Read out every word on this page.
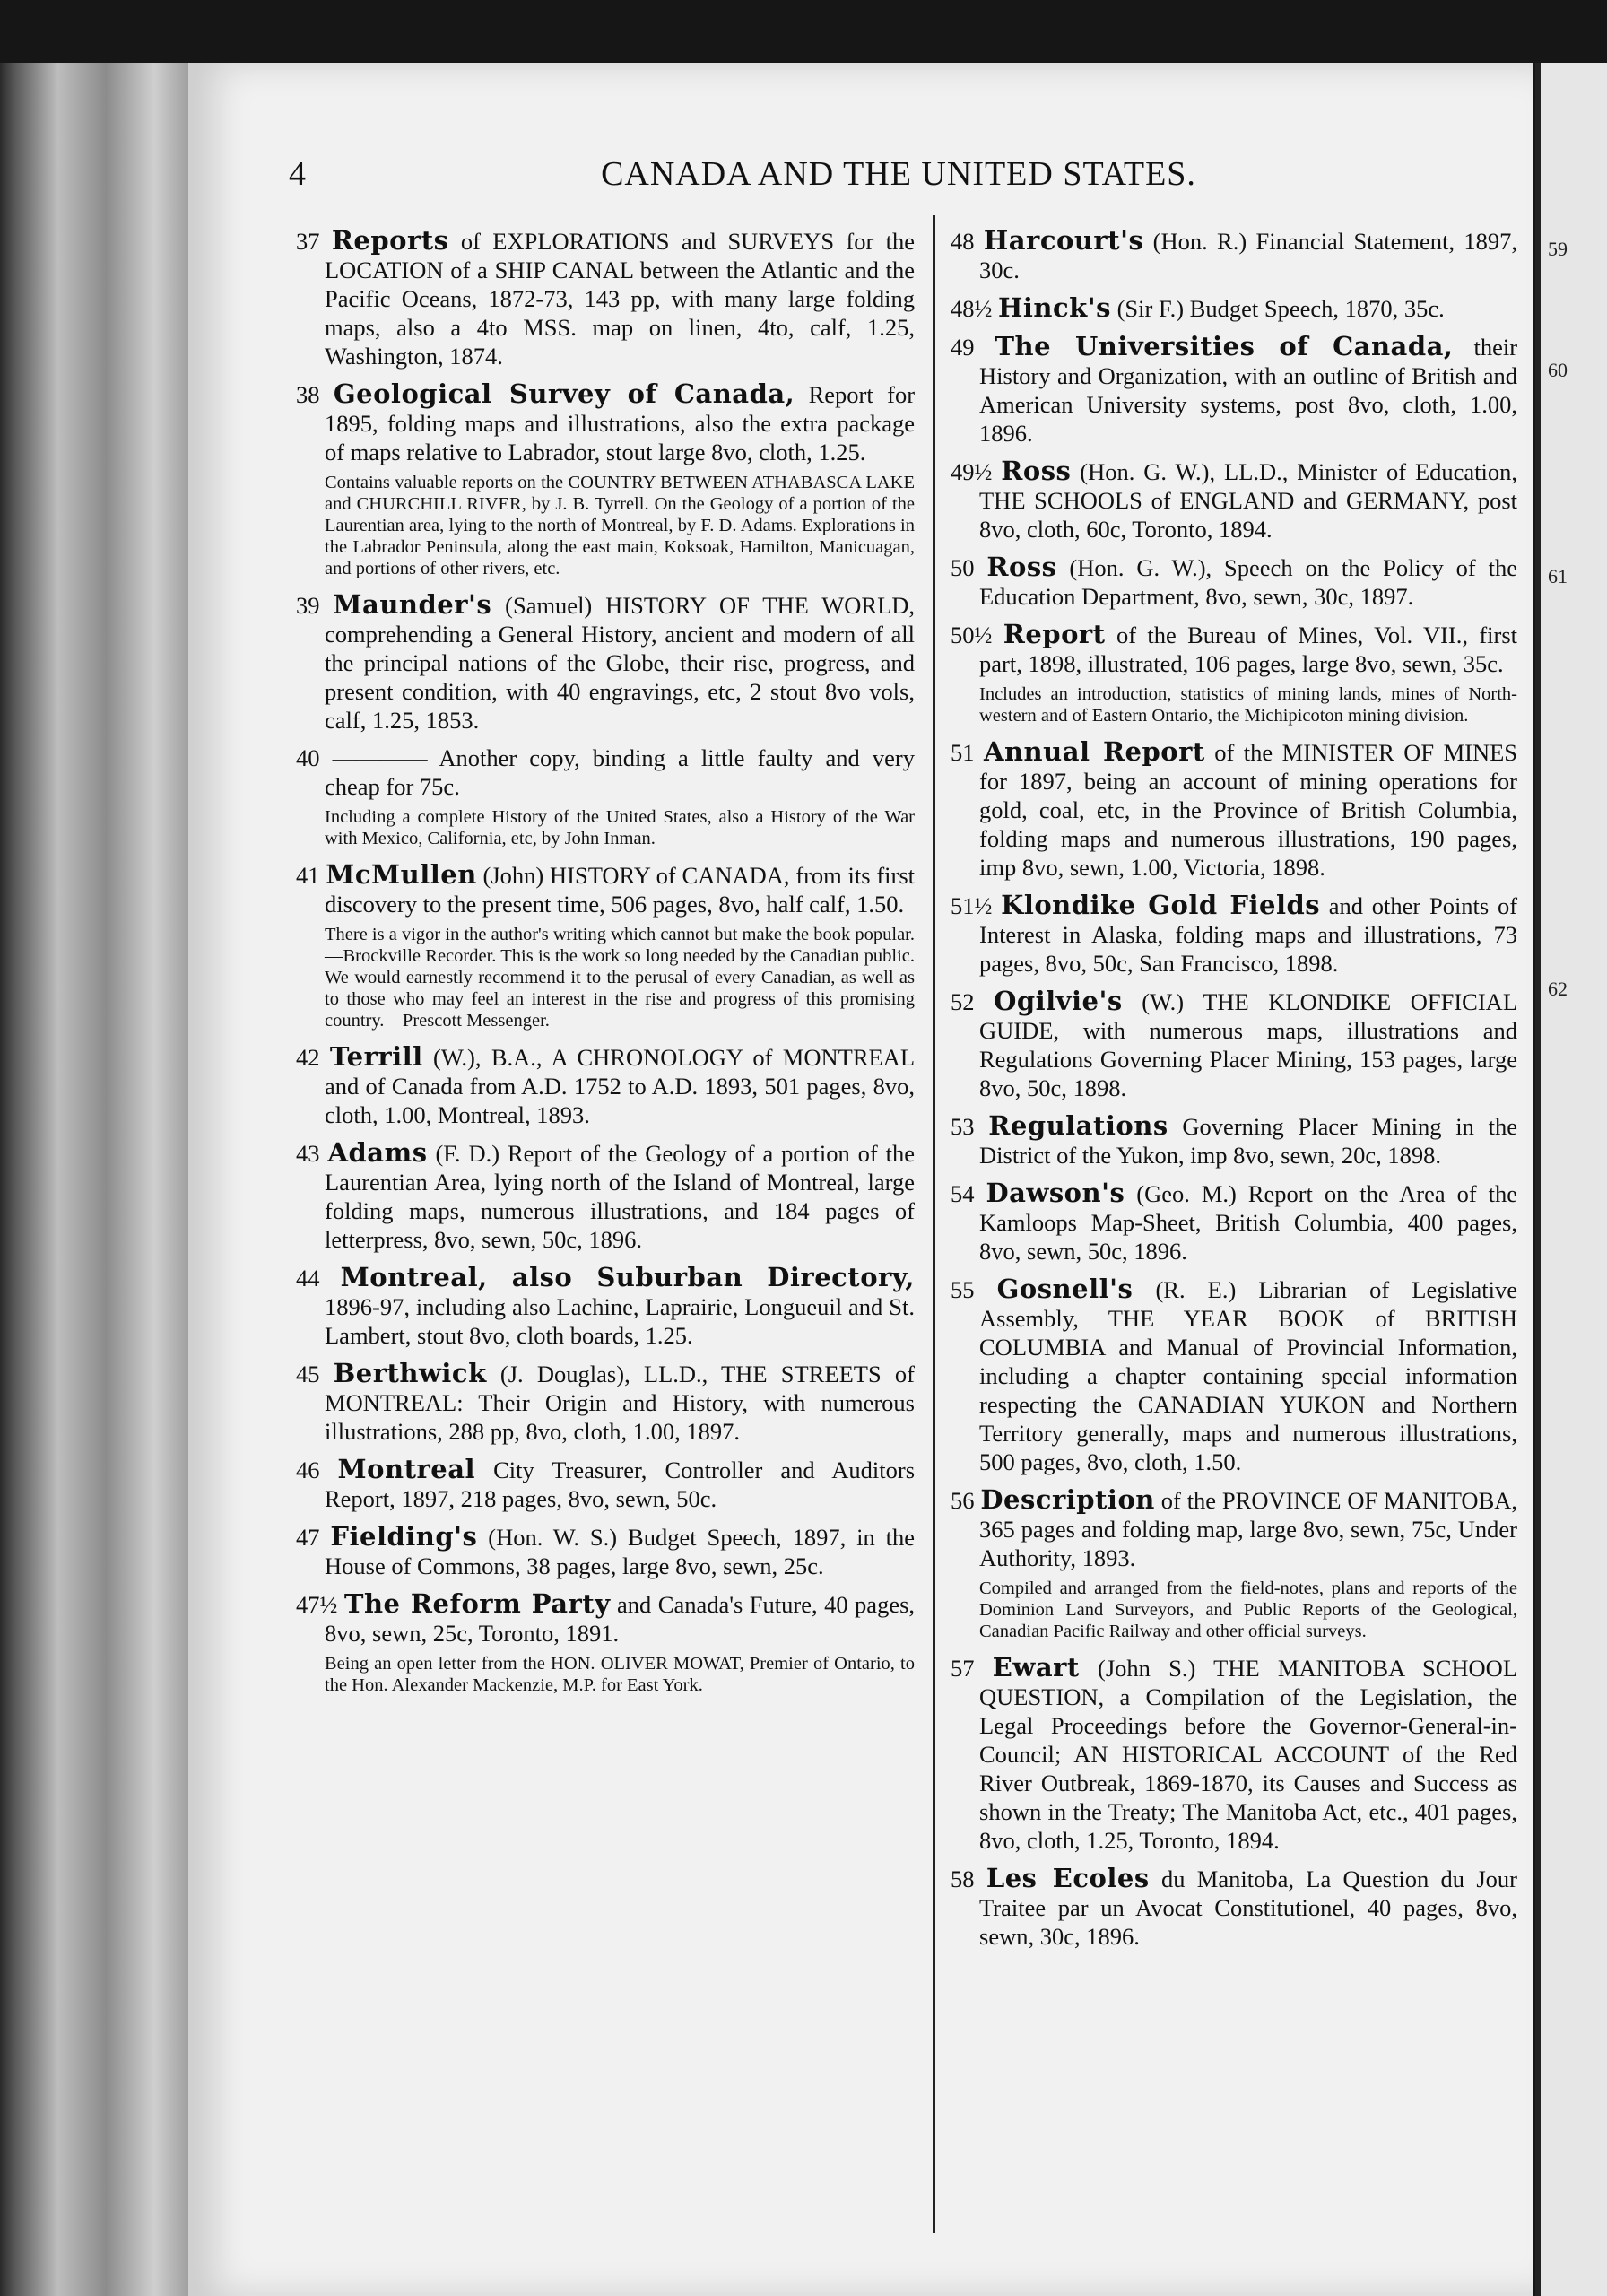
4	CANADA AND THE UNITED STATES.
37 Reports of EXPLORATIONS and SURVEYS for the LOCATION of a SHIP CANAL between the Atlantic and the Pacific Oceans, 1872-73, 143 pp, with many large folding maps, also a 4to MSS. map on linen, 4to, calf, 1.25, Washington, 1874.
38 Geological Survey of Canada, Report for 1895, folding maps and illustrations, also the extra package of maps relative to Labrador, stout large 8vo, cloth, 1.25.
Contains valuable reports on the COUNTRY BETWEEN ATHABASCA LAKE and CHURCHILL RIVER, by J. B. Tyrrell. On the Geology of a portion of the Laurentian area, lying to the north of Montreal, by F. D. Adams. Explorations in the Labrador Peninsula, along the east main, Koksoak, Hamilton, Manicuagan, and portions of other rivers, etc.
39 Maunder's (Samuel) HISTORY OF THE WORLD, comprehending a General History, ancient and modern of all the principal nations of the Globe, their rise, progress, and present condition, with 40 engravings, etc, 2 stout 8vo vols, calf, 1.25, 1853.
40 ———— Another copy, binding a little faulty and very cheap for 75c.
Including a complete History of the United States, also a History of the War with Mexico, California, etc, by John Inman.
41 McMullen (John) HISTORY of CANADA, from its first discovery to the present time, 506 pages, 8vo, half calf, 1.50.
There is a vigor in the author's writing which cannot but make the book popular.—Brockville Recorder. This is the work so long needed by the Canadian public. We would earnestly recommend it to the perusal of every Canadian, as well as to those who may feel an interest in the rise and progress of this promising country.—Prescott Messenger.
42 Terrill (W.), B.A., A CHRONOLOGY of MONTREAL and of Canada from A.D. 1752 to A.D. 1893, 501 pages, 8vo, cloth, 1.00, Montreal, 1893.
43 Adams (F. D.) Report of the Geology of a portion of the Laurentian Area, lying north of the Island of Montreal, large folding maps, numerous illustrations, and 184 pages of letterpress, 8vo, sewn, 50c, 1896.
44 Montreal, also Suburban Directory, 1896-97, including also Lachine, Laprairie, Longueuil and St. Lambert, stout 8vo, cloth boards, 1.25.
45 Berthwick (J. Douglas), LL.D., THE STREETS of MONTREAL: Their Origin and History, with numerous illustrations, 288 pp, 8vo, cloth, 1.00, 1897.
46 Montreal City Treasurer, Controller and Auditors Report, 1897, 218 pages, 8vo, sewn, 50c.
47 Fielding's (Hon. W. S.) Budget Speech, 1897, in the House of Commons, 38 pages, large 8vo, sewn, 25c.
47½ The Reform Party and Canada's Future, 40 pages, 8vo, sewn, 25c, Toronto, 1891.
Being an open letter from the HON. OLIVER MOWAT, Premier of Ontario, to the Hon. Alexander Mackenzie, M.P. for East York.
48 Harcourt's (Hon. R.) Financial Statement, 1897, 30c.
48½ Hinck's (Sir F.) Budget Speech, 1870, 35c.
49 The Universities of Canada, their History and Organization, with an outline of British and American University systems, post 8vo, cloth, 1.00, 1896.
49½ Ross (Hon. G. W.), LL.D., Minister of Education, THE SCHOOLS of ENGLAND and GERMANY, post 8vo, cloth, 60c, Toronto, 1894.
50 Ross (Hon. G. W.), Speech on the Policy of the Education Department, 8vo, sewn, 30c, 1897.
50½ Report of the Bureau of Mines, Vol. VII., first part, 1898, illustrated, 106 pages, large 8vo, sewn, 35c.
Includes an introduction, statistics of mining lands, mines of North-western and of Eastern Ontario, the Michipicoton mining division.
51 Annual Report of the MINISTER OF MINES for 1897, being an account of mining operations for gold, coal, etc, in the Province of British Columbia, folding maps and numerous illustrations, 190 pages, imp 8vo, sewn, 1.00, Victoria, 1898.
51½ Klondike Gold Fields and other Points of Interest in Alaska, folding maps and illustrations, 73 pages, 8vo, 50c, San Francisco, 1898.
52 Ogilvie's (W.) THE KLONDIKE OFFICIAL GUIDE, with numerous maps, illustrations and Regulations Governing Placer Mining, 153 pages, large 8vo, 50c, 1898.
53 Regulations Governing Placer Mining in the District of the Yukon, imp 8vo, sewn, 20c, 1898.
54 Dawson's (Geo. M.) Report on the Area of the Kamloops Map-Sheet, British Columbia, 400 pages, 8vo, sewn, 50c, 1896.
55 Gosnell's (R. E.) Librarian of Legislative Assembly, THE YEAR BOOK of BRITISH COLUMBIA and Manual of Provincial Information, including a chapter containing special information respecting the CANADIAN YUKON and Northern Territory generally, maps and numerous illustrations, 500 pages, 8vo, cloth, 1.50.
56 Description of the PROVINCE OF MANITOBA, 365 pages and folding map, large 8vo, sewn, 75c, Under Authority, 1893.
Compiled and arranged from the field-notes, plans and reports of the Dominion Land Surveyors, and Public Reports of the Geological, Canadian Pacific Railway and other official surveys.
57 Ewart (John S.) THE MANITOBA SCHOOL QUESTION, a Compilation of the Legislation, the Legal Proceedings before the Governor-General-in-Council; AN HISTORICAL ACCOUNT of the Red River Outbreak, 1869-1870, its Causes and Success as shown in the Treaty; The Manitoba Act, etc., 401 pages, 8vo, cloth, 1.25, Toronto, 1894.
58 Les Ecoles du Manitoba, La Question du Jour Traitee par un Avocat Constitutionel, 40 pages, 8vo, sewn, 30c, 1896.
59
60
61
62
